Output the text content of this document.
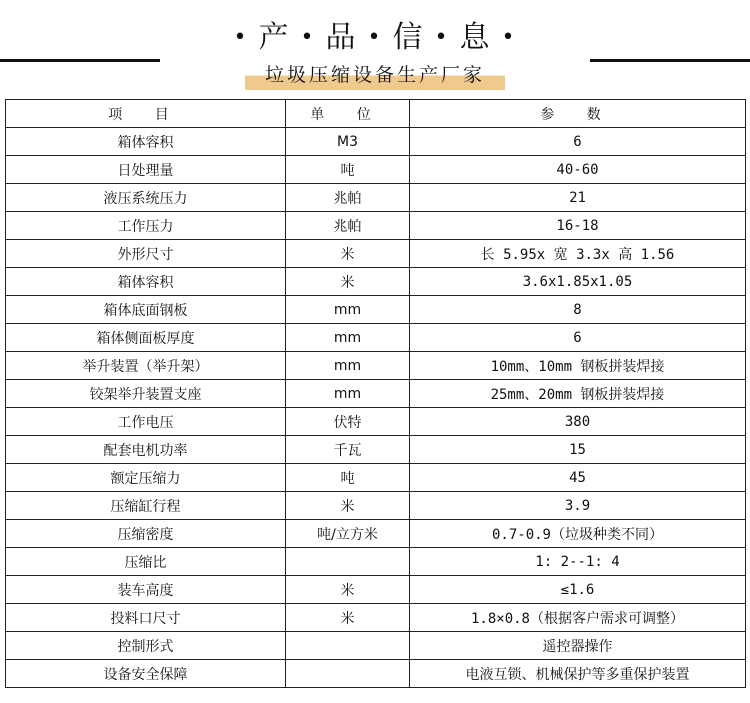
• 产 • 品 • 信 • 息 •
垃圾压缩设备生产厂家
项 目	单 位	参 数
箱体容积	M3	6
日处理量	吨	40-60
液压系统压力	兆帕	21
工作压力	兆帕	16-18
外形尺寸	米	长 5.95x 宽 3.3x 高 1.56
箱体容积	米	3.6x1.85x1.05
箱体底面钢板	mm	8
箱体侧面板厚度	mm	6
举升装置（举升架）	mm	10mm、10mm 钢板拼装焊接
铰架举升装置支座	mm	25mm、20mm 钢板拼装焊接
工作电压	伏特	380
配套电机功率	千瓦	15
额定压缩力	吨	45
压缩缸行程	米	3.9
压缩密度	吨/立方米	0.7-0.9（垃圾种类不同）
压缩比		1: 2--1: 4
装车高度	米	≤1.6
投料口尺寸	米	1.8×0.8（根据客户需求可调整）
控制形式		遥控器操作
设备安全保障		电液互锁、机械保护等多重保护装置
